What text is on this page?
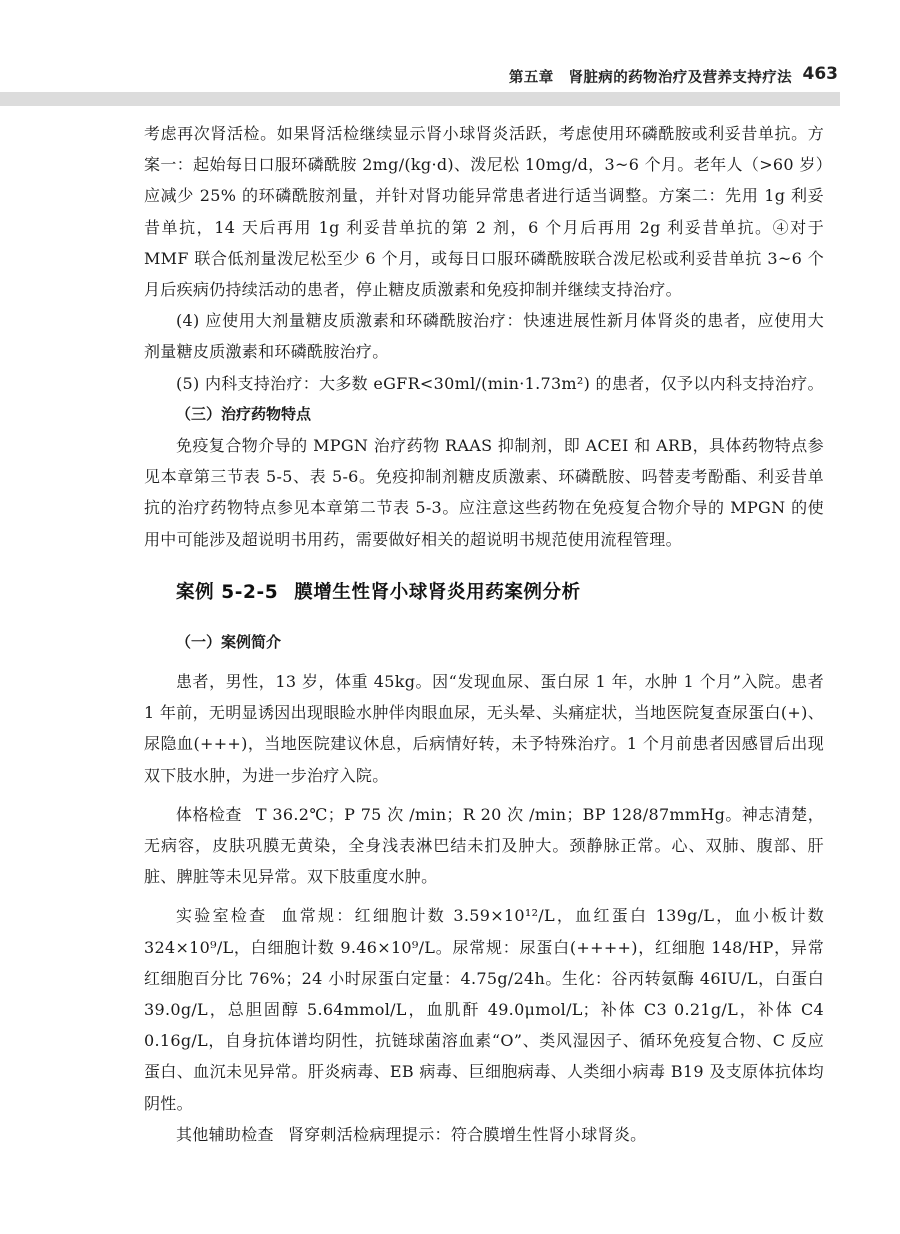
第五章　肾脏病的药物治疗及营养支持疗法 463

考虑再次肾活检。如果肾活检继续显示肾小球肾炎活跃，考虑使用环磷酰胺或利妥昔单抗。方案一：起始每日口服环磷酰胺 2mg/(kg·d)、泼尼松 10mg/d，3~6 个月。老年人（>60 岁）应减少 25% 的环磷酰胺剂量，并针对肾功能异常患者进行适当调整。方案二：先用 1g 利妥昔单抗，14 天后再用 1g 利妥昔单抗的第 2 剂，6 个月后再用 2g 利妥昔单抗。④对于 MMF 联合低剂量泼尼松至少 6 个月，或每日口服环磷酰胺联合泼尼松或利妥昔单抗 3~6 个月后疾病仍持续活动的患者，停止糖皮质激素和免疫抑制并继续支持治疗。

(4) 应使用大剂量糖皮质激素和环磷酰胺治疗：快速进展性新月体肾炎的患者，应使用大剂量糖皮质激素和环磷酰胺治疗。

(5) 内科支持治疗：大多数 eGFR<30ml/(min·1.73m²) 的患者，仅予以内科支持治疗。

（三）治疗药物特点

免疫复合物介导的 MPGN 治疗药物 RAAS 抑制剂，即 ACEI 和 ARB，具体药物特点参见本章第三节表 5-5、表 5-6。免疫抑制剂糖皮质激素、环磷酰胺、吗替麦考酚酯、利妥昔单抗的治疗药物特点参见本章第二节表 5-3。应注意这些药物在免疫复合物介导的 MPGN 的使用中可能涉及超说明书用药，需要做好相关的超说明书规范使用流程管理。

案例 5-2-5 膜增生性肾小球肾炎用药案例分析

（一）案例简介

患者，男性，13 岁，体重 45kg。因“发现血尿、蛋白尿 1 年，水肿 1 个月”入院。患者 1 年前，无明显诱因出现眼睑水肿伴肉眼血尿，无头晕、头痛症状，当地医院复查尿蛋白(+)、尿隐血(+++)，当地医院建议休息，后病情好转，未予特殊治疗。1 个月前患者因感冒后出现双下肢水肿，为进一步治疗入院。

体格检查 T 36.2℃；P 75 次 /min；R 20 次 /min；BP 128/87mmHg。神志清楚，无病容，皮肤巩膜无黄染，全身浅表淋巴结未扪及肿大。颈静脉正常。心、双肺、腹部、肝脏、脾脏等未见异常。双下肢重度水肿。

实验室检查 血常规：红细胞计数 3.59×10¹²/L，血红蛋白 139g/L，血小板计数 324×10⁹/L，白细胞计数 9.46×10⁹/L。尿常规：尿蛋白(++++)，红细胞 148/HP，异常红细胞百分比 76%；24 小时尿蛋白定量：4.75g/24h。生化：谷丙转氨酶 46IU/L，白蛋白 39.0g/L，总胆固醇 5.64mmol/L，血肌酐 49.0μmol/L；补体 C3 0.21g/L，补体 C4 0.16g/L，自身抗体谱均阴性，抗链球菌溶血素“O”、类风湿因子、循环免疫复合物、C 反应蛋白、血沉未见异常。肝炎病毒、EB 病毒、巨细胞病毒、人类细小病毒 B19 及支原体抗体均阴性。

其他辅助检查 肾穿刺活检病理提示：符合膜增生性肾小球肾炎。
